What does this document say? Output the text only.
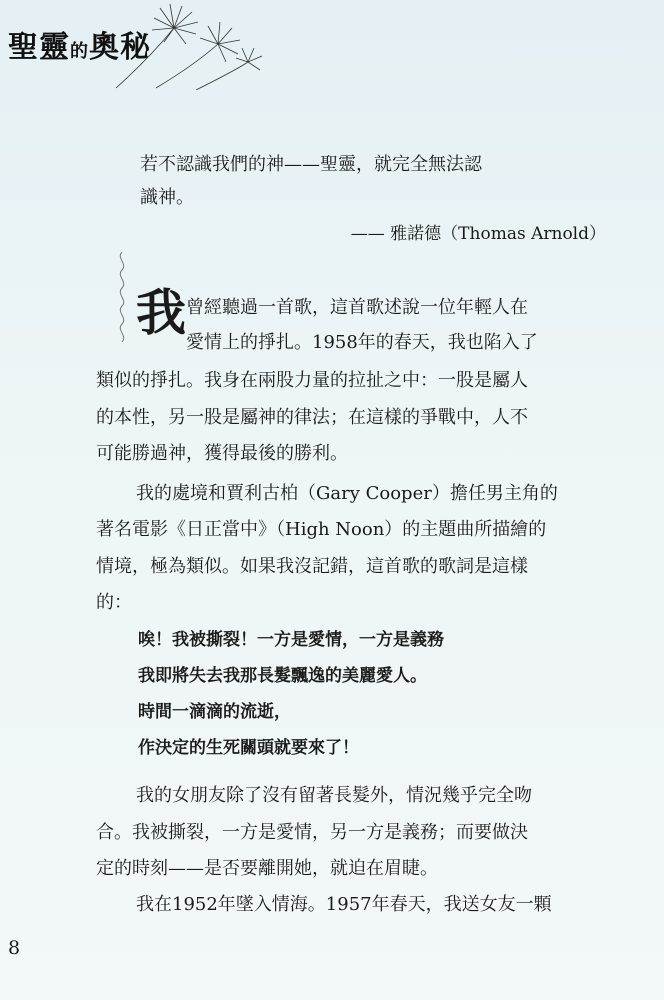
聖靈的奧秘
若不認識我們的神——聖靈，就完全無法認
識神。
—— 雅諾德（Thomas Arnold）
我 曾經聽過一首歌，這首歌述說一位年輕人在
愛情上的掙扎。1958年的春天，我也陷入了
類似的掙扎。我身在兩股力量的拉扯之中：一股是屬人
的本性，另一股是屬神的律法；在這樣的爭戰中，人不
可能勝過神，獲得最後的勝利。
我的處境和賈利古柏（Gary Cooper）擔任男主角的
著名電影《日正當中》（High Noon）的主題曲所描繪的
情境，極為類似。如果我沒記錯，這首歌的歌詞是這樣
的：
唉！我被撕裂！一方是愛情，一方是義務
我即將失去我那長髮飄逸的美麗愛人。
時間一滴滴的流逝，
作決定的生死關頭就要來了！
我的女朋友除了沒有留著長髮外，情況幾乎完全吻
合。我被撕裂，一方是愛情，另一方是義務；而要做決
定的時刻——是否要離開她，就迫在眉睫。
我在1952年墜入情海。1957年春天，我送女友一顆
8
